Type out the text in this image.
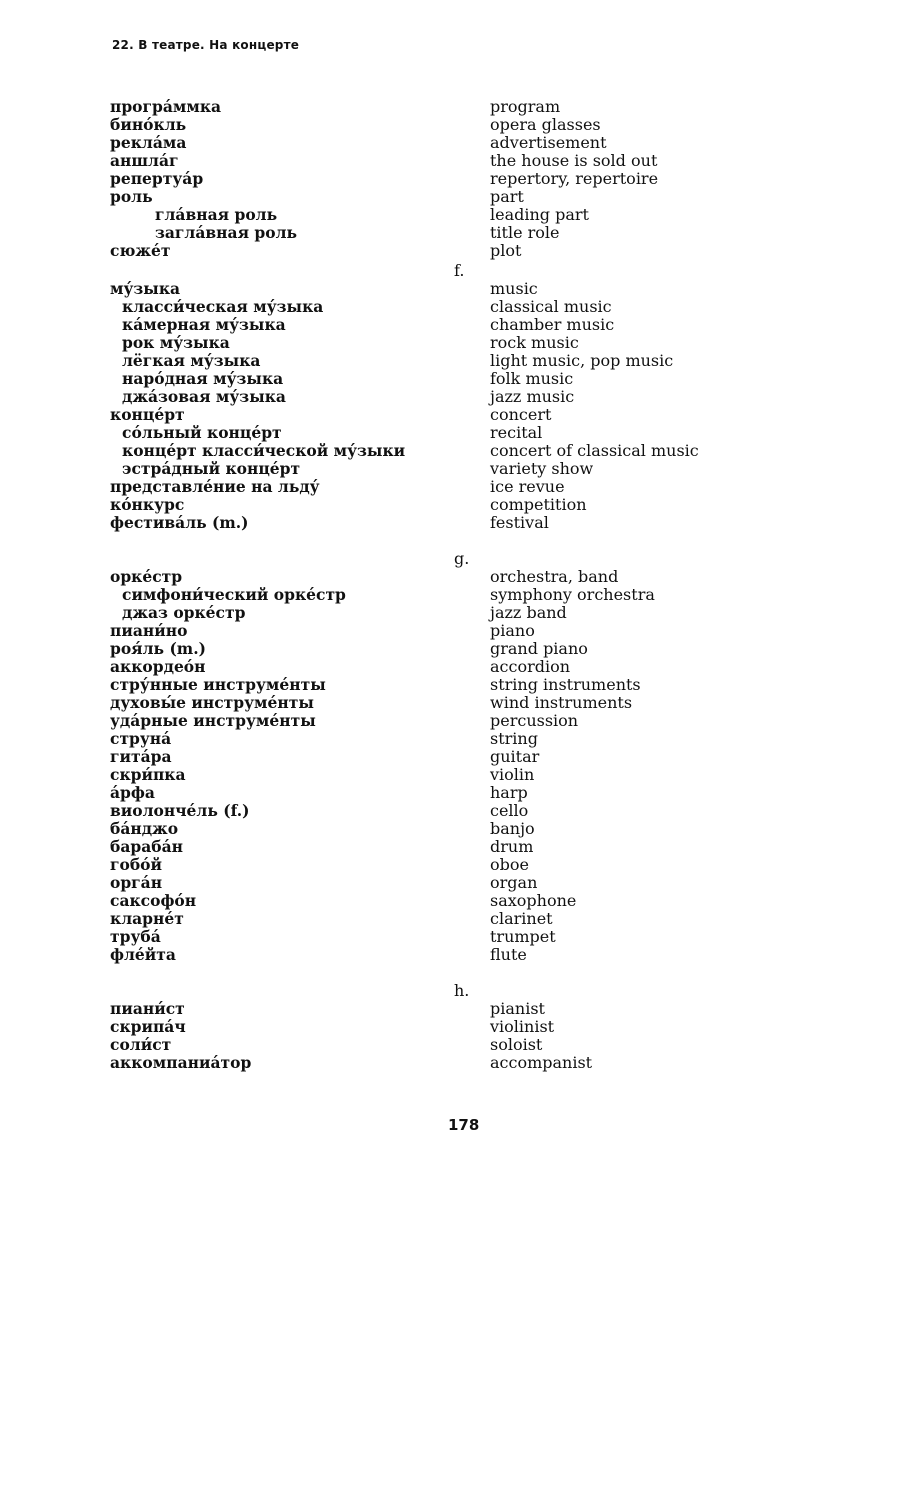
22. В театре. На концерте
програ́ммка	program
бино́кль	opera glasses
рекла́ма	advertisement
аншла́г	the house is sold out
репертуа́р	repertory, repertoire
роль	part
гла́вная роль	leading part
загла́вная роль	title role
сюже́т	plot
f.
му́зыка	music
класси́ческая му́зыка	classical music
ка́мерная му́зыка	chamber music
рок му́зыка	rock music
лёгкая му́зыка	light music, pop music
наро́дная му́зыка	folk music
джа́зовая му́зыка	jazz music
конце́рт	concert
со́льный конце́рт	recital
конце́рт класси́ческой му́зыки	concert of classical music
эстра́дный конце́рт	variety show
представле́ние на льду́	ice revue
ко́нкурс	competition
фестива́ль (m.)	festival
g.
орке́стр	orchestra, band
симфони́ческий орке́стр	symphony orchestra
джаз орке́стр	jazz band
пиани́но	piano
роя́ль (m.)	grand piano
аккордео́н	accordion
стру́нные инструме́нты	string instruments
духовы́е инструме́нты	wind instruments
уда́рные инструме́нты	percussion
струна́	string
гита́ра	guitar
скри́пка	violin
а́рфа	harp
виолонче́ль (f.)	cello
ба́нджо	banjo
бараба́н	drum
гобо́й	oboe
орга́н	organ
саксофо́н	saxophone
кларне́т	clarinet
труба́	trumpet
фле́йта	flute
h.
пиани́ст	pianist
скрипа́ч	violinist
соли́ст	soloist
аккомпаниа́тор	accompanist
178
